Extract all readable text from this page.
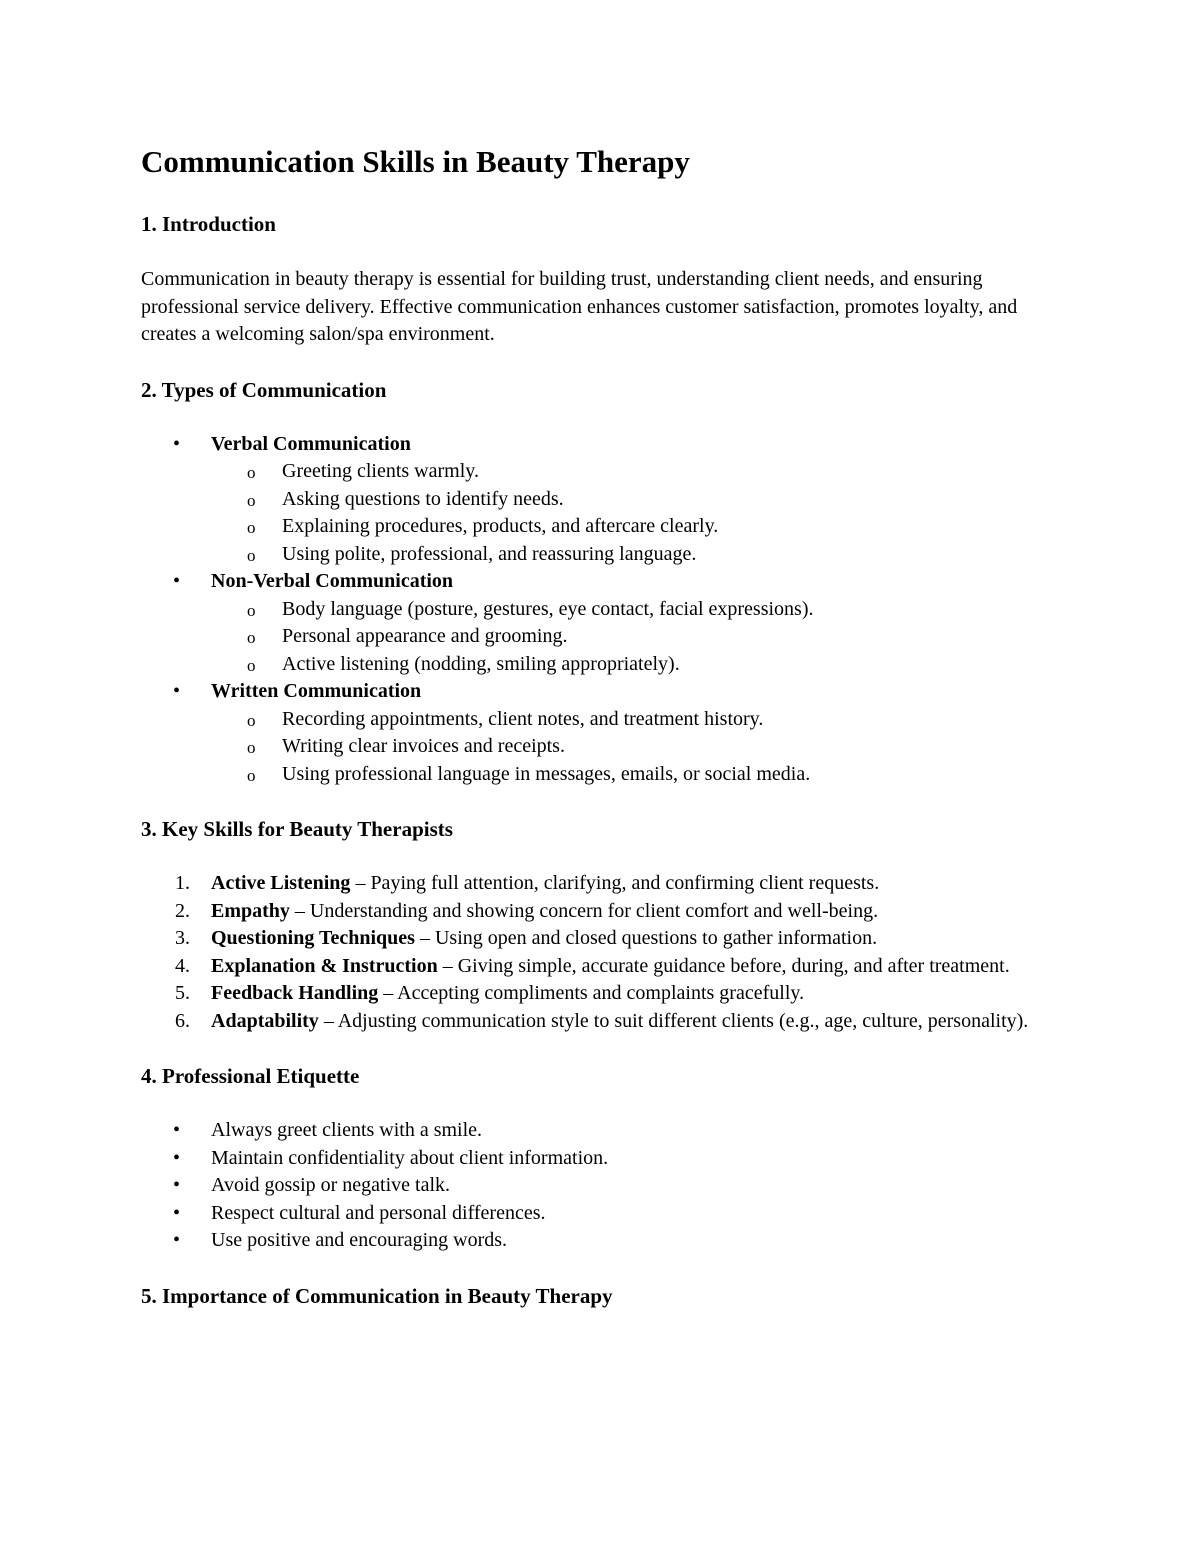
Communication Skills in Beauty Therapy
1. Introduction

Communication in beauty therapy is essential for building trust, understanding client needs, and ensuring professional service delivery. Effective communication enhances customer satisfaction, promotes loyalty, and creates a welcoming salon/spa environment.

2. Types of Communication
• Verbal Communication
o Greeting clients warmly.
o Asking questions to identify needs.
o Explaining procedures, products, and aftercare clearly.
o Using polite, professional, and reassuring language.
• Non-Verbal Communication
o Body language (posture, gestures, eye contact, facial expressions).
o Personal appearance and grooming.
o Active listening (nodding, smiling appropriately).
• Written Communication
o Recording appointments, client notes, and treatment history.
o Writing clear invoices and receipts.
o Using professional language in messages, emails, or social media.
3. Key Skills for Beauty Therapists
1. Active Listening – Paying full attention, clarifying, and confirming client requests.
2. Empathy – Understanding and showing concern for client comfort and well-being.
3. Questioning Techniques – Using open and closed questions to gather information.
4. Explanation & Instruction – Giving simple, accurate guidance before, during, and after treatment.
5. Feedback Handling – Accepting compliments and complaints gracefully.
6. Adaptability – Adjusting communication style to suit different clients (e.g., age, culture, personality).
4. Professional Etiquette
• Always greet clients with a smile.
• Maintain confidentiality about client information.
• Avoid gossip or negative talk.
• Respect cultural and personal differences.
• Use positive and encouraging words.
5. Importance of Communication in Beauty Therapy
